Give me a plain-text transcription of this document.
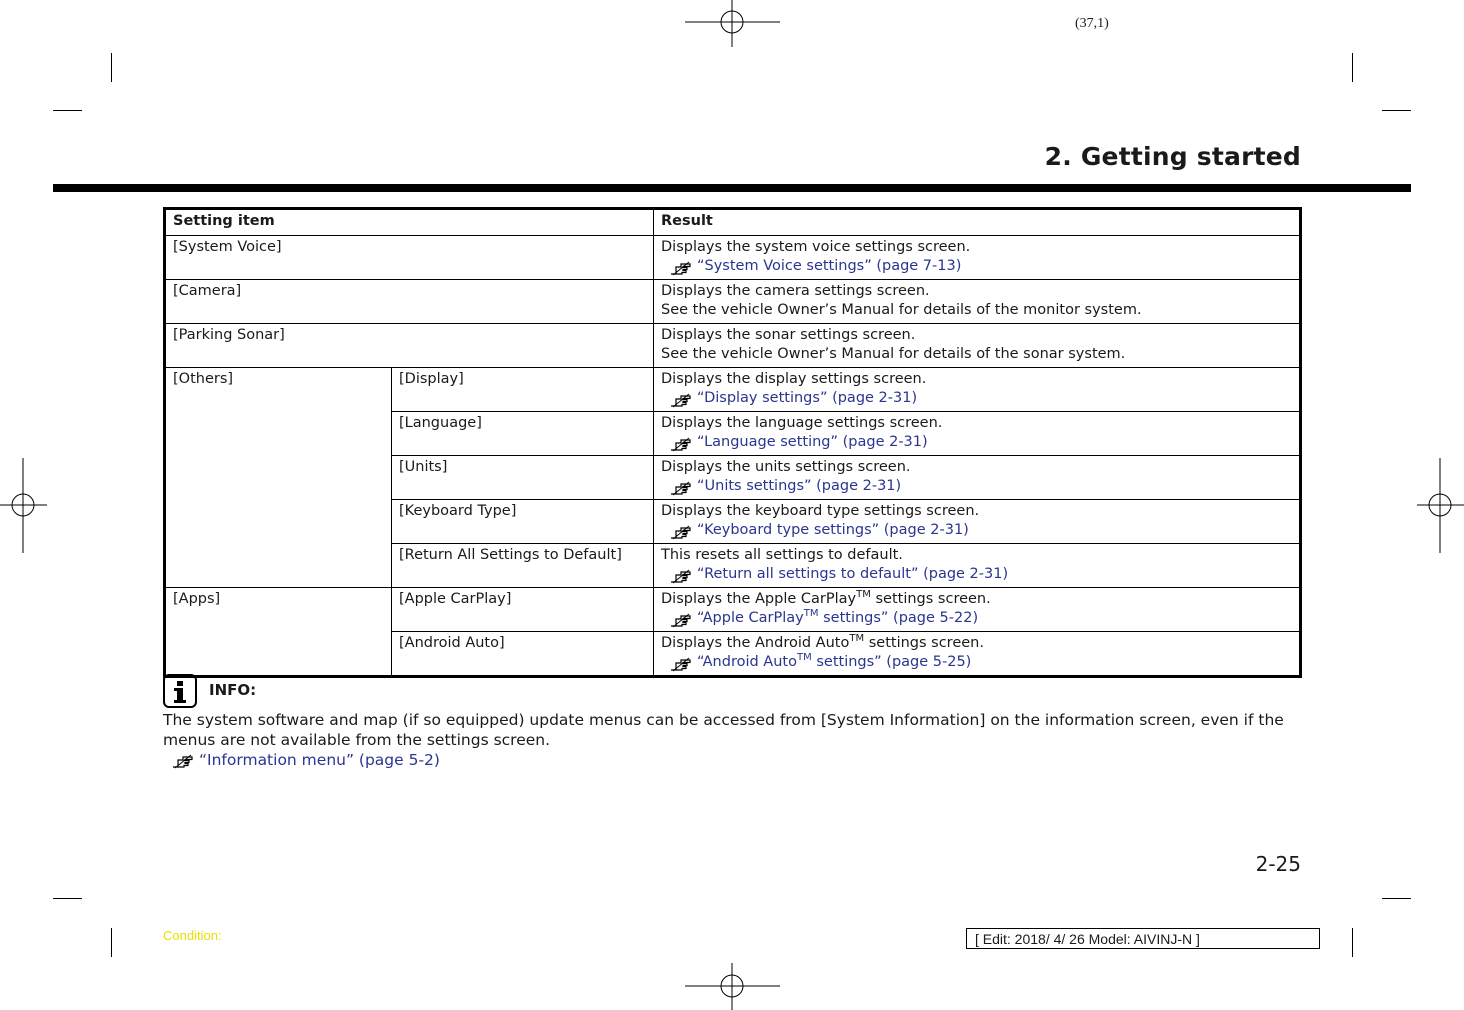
(37,1)
2. Getting started
Setting item		Result
[System Voice]		Displays the system voice settings screen.
“System Voice settings” (page 7-13)

[Camera]		Displays the camera settings screen.
See the vehicle Owner’s Manual for details of the monitor system.

[Parking Sonar]		Displays the sonar settings screen.
See the vehicle Owner’s Manual for details of the sonar system.

[Others]	[Display]	Displays the display settings screen.
“Display settings” (page 2-31)

	[Language]	Displays the language settings screen.
“Language setting” (page 2-31)

	[Units]	Displays the units settings screen.
“Units settings” (page 2-31)

	[Keyboard Type]	Displays the keyboard type settings screen.
“Keyboard type settings” (page 2-31)

	[Return All Settings to Default]	This resets all settings to default.
“Return all settings to default” (page 2-31)

[Apps]	[Apple CarPlay]	Displays the Apple CarPlay™ settings screen.
“Apple CarPlay™ settings” (page 5-22)

	[Android Auto]	Displays the Android Auto™ settings screen.
“Android Auto™ settings” (page 5-25)
INFO:
The system software and map (if so equipped) update menus can be accessed from [System Information] on the information screen, even if the menus are not available from the settings screen.
“Information menu” (page 5-2)
2-25
Condition:	[ Edit: 2018/ 4/ 26 Model: AIVINJ-N ]
